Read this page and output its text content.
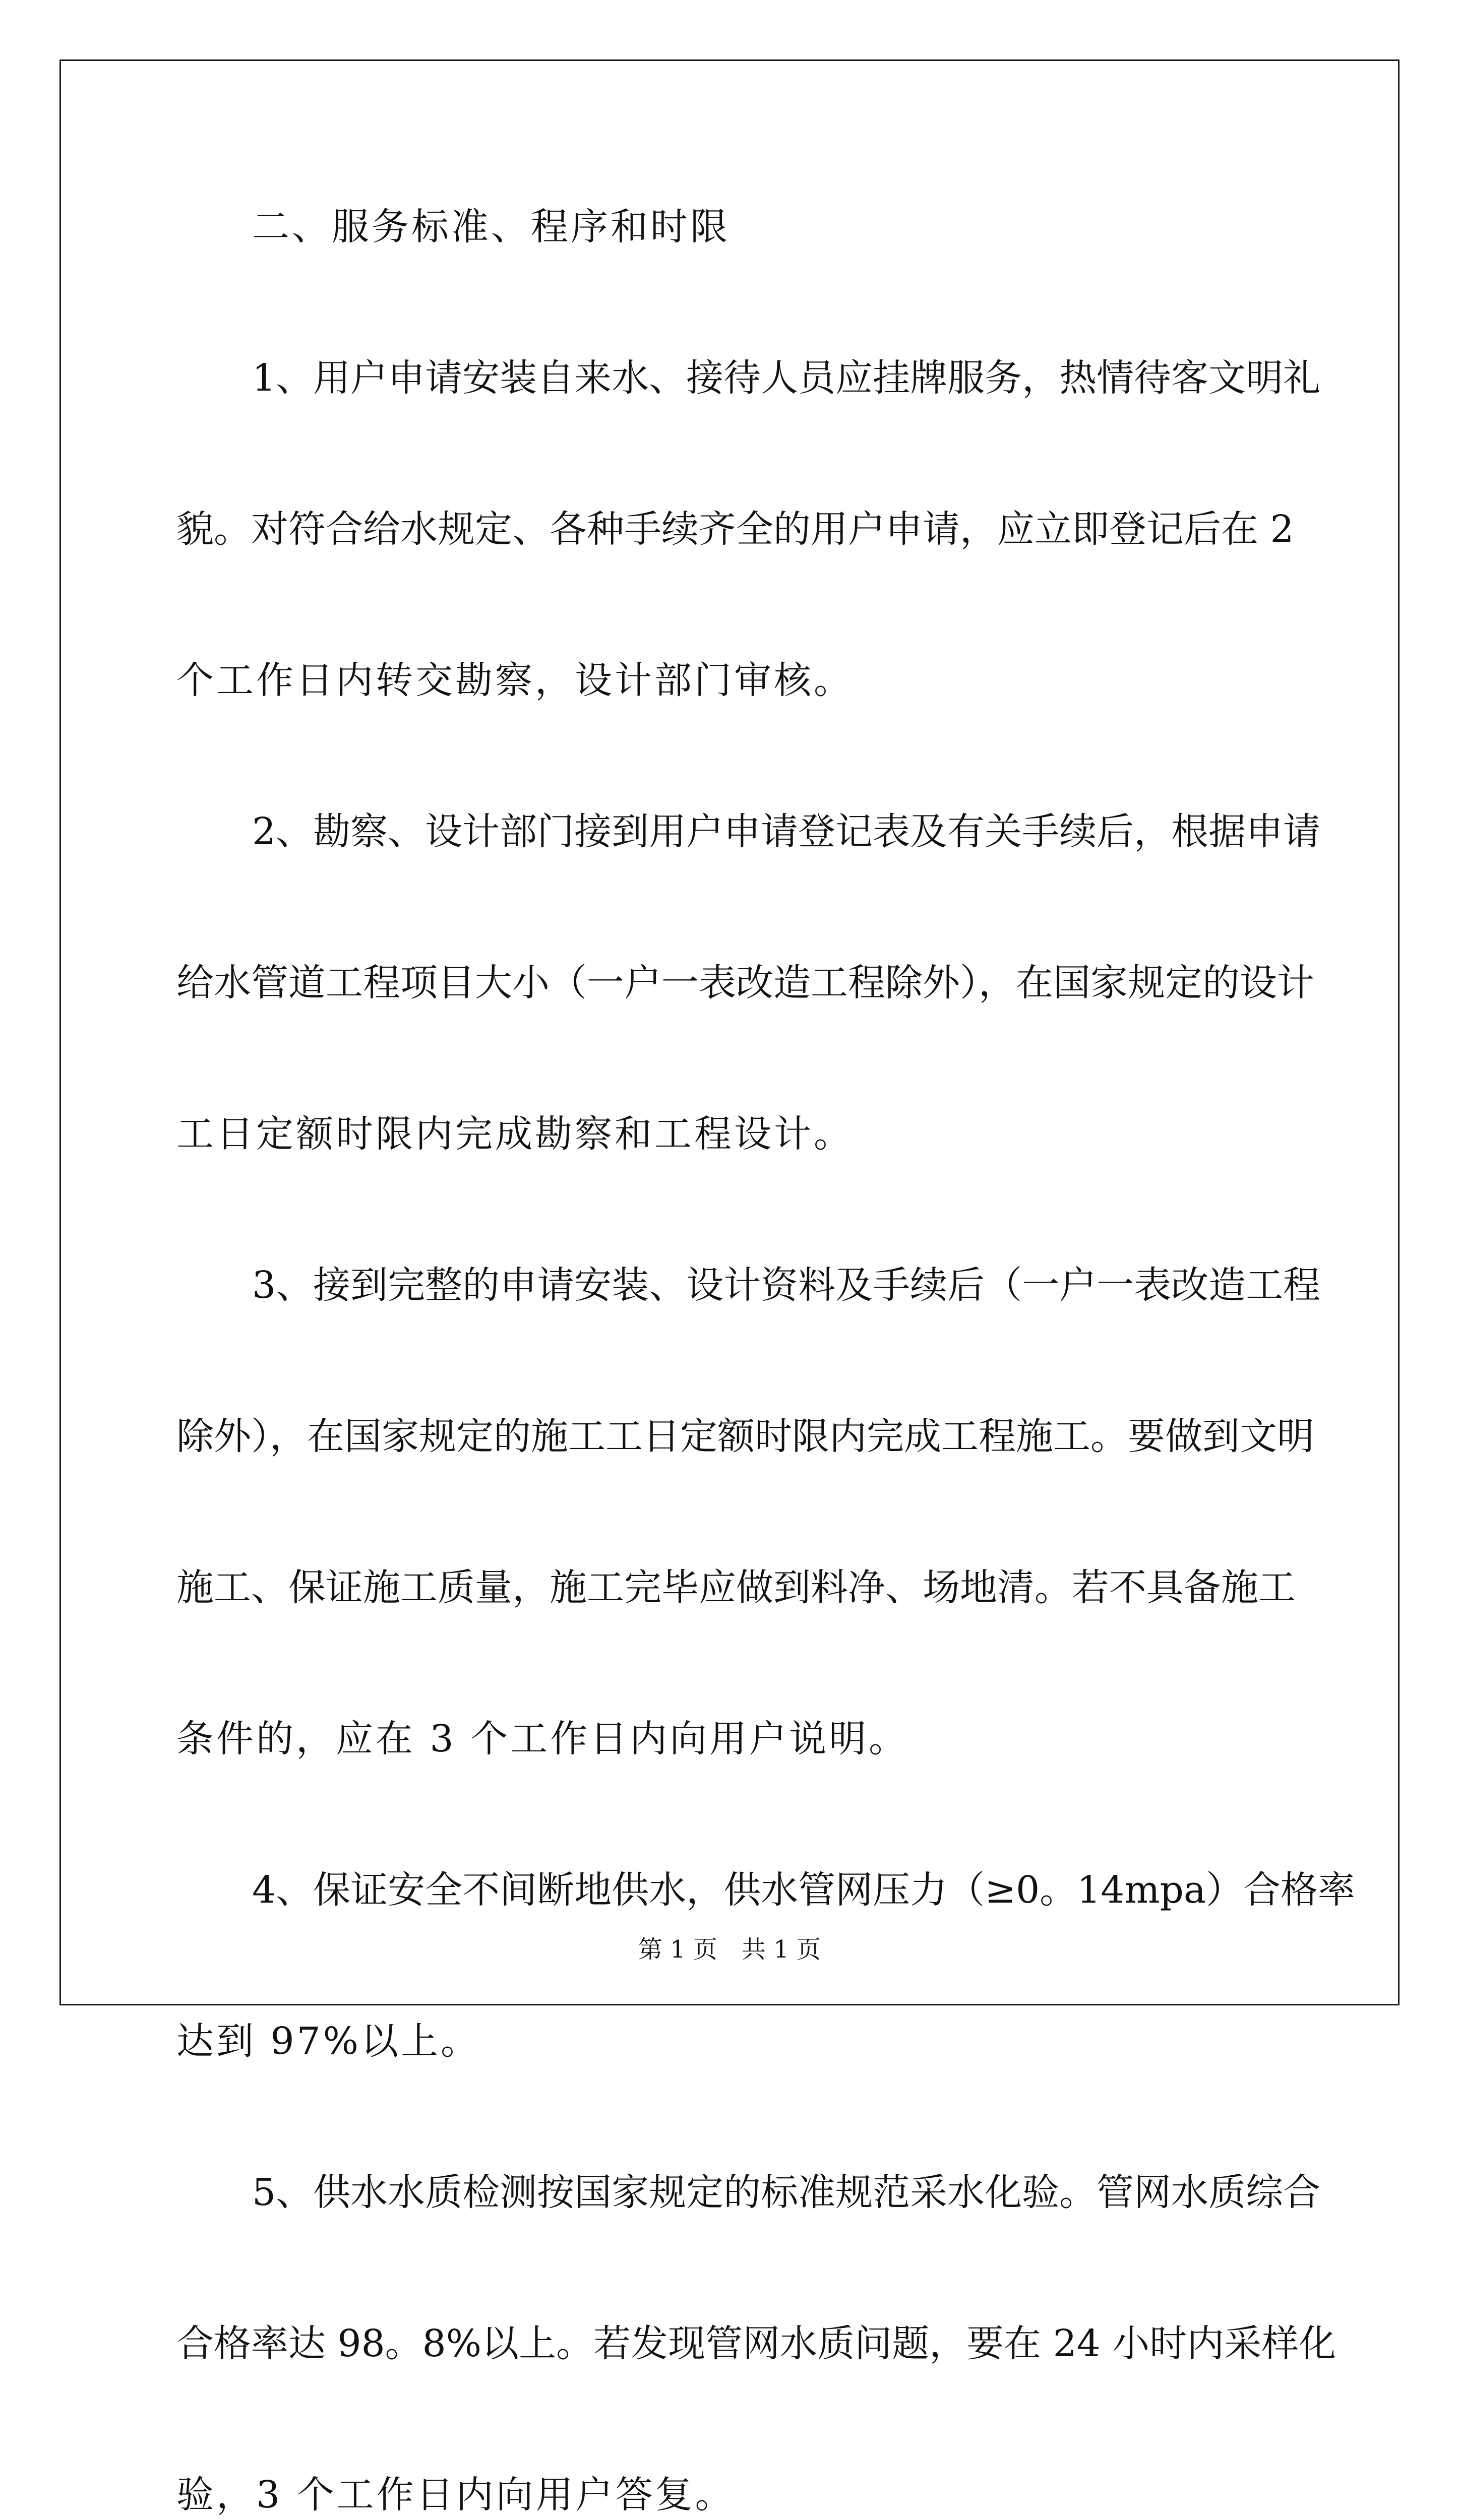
二、服务标准、程序和时限
1、用户申请安装自来水、接待人员应挂牌服务，热情待客文明礼
貌。对符合给水规定、各种手续齐全的用户申请，应立即登记后在 2
个工作日内转交勘察，设计部门审核。
2、勘察、设计部门接到用户申请登记表及有关手续后，根据申请
给水管道工程项目大小（一户一表改造工程除外），在国家规定的设计
工日定额时限内完成勘察和工程设计。
3、接到完整的申请安装、设计资料及手续后（一户一表改造工程
除外），在国家规定的施工工日定额时限内完成工程施工。要做到文明
施工、保证施工质量，施工完毕应做到料净、场地清。若不具备施工
条件的，应在 3 个工作日内向用户说明。
4、保证安全不间断地供水，供水管网压力（≥0。14mpa）合格率
达到 97%以上。
5、供水水质检测按国家规定的标准规范采水化验。管网水质综合
合格率达 98。8%以上。若发现管网水质问题，要在 24 小时内采样化
验，3 个工作日内向用户答复。
第 1 页　共 1 页
